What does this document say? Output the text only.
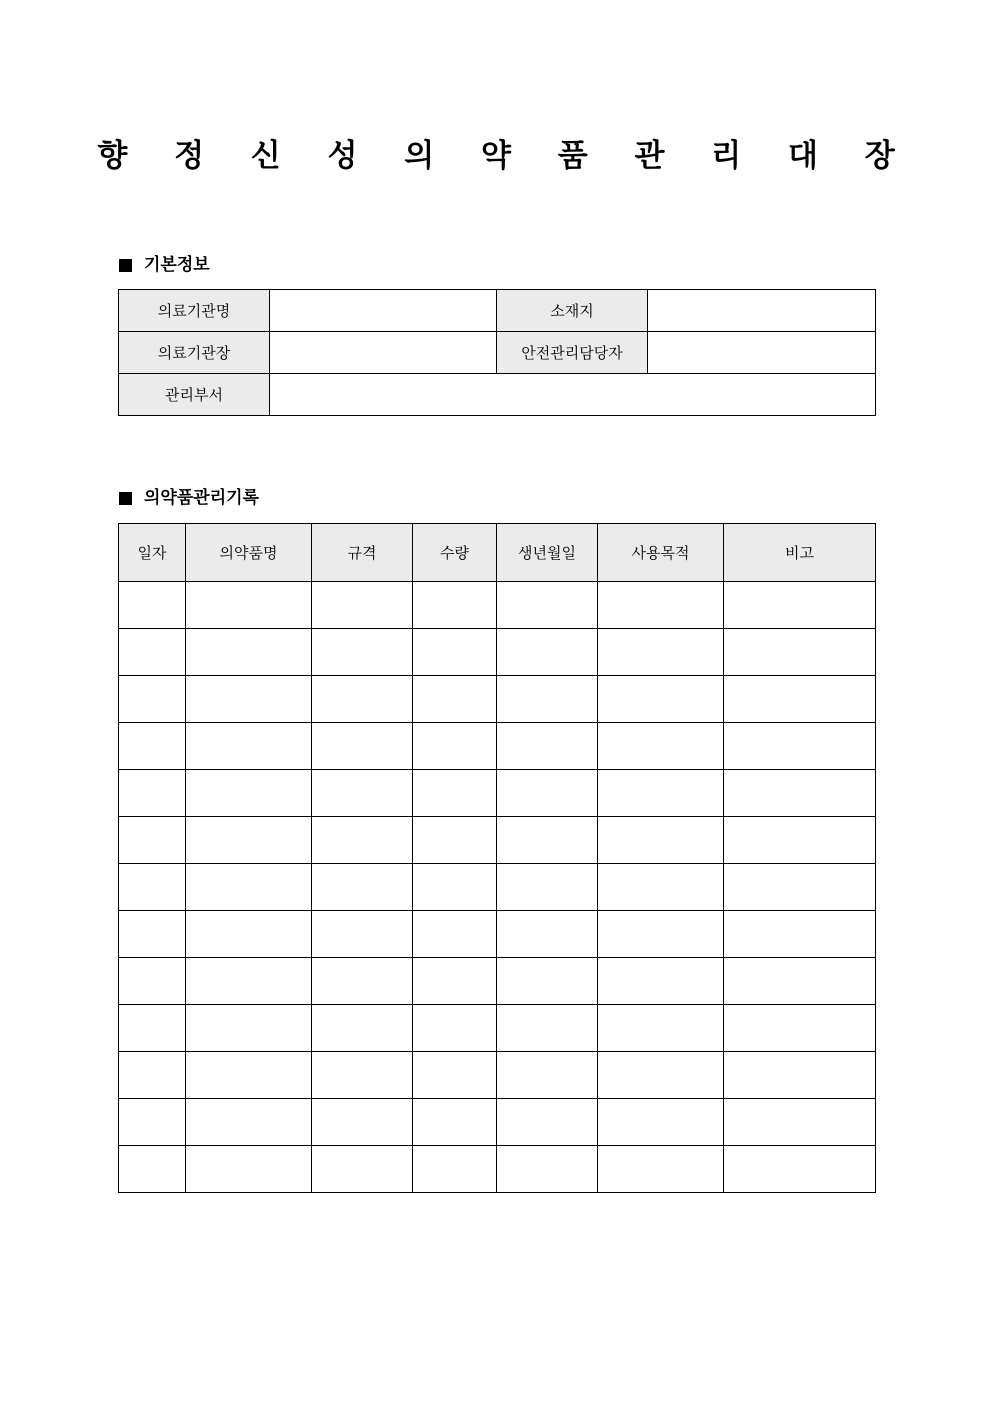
향 정 신 성 의 약 품 관 리 대 장
기본정보
의료기관명		소재지	
의료기관장		안전관리담당자	
관리부서			
의약품관리기록
일자	의약품명	규격	수량	생년월일	사용목적	비고
